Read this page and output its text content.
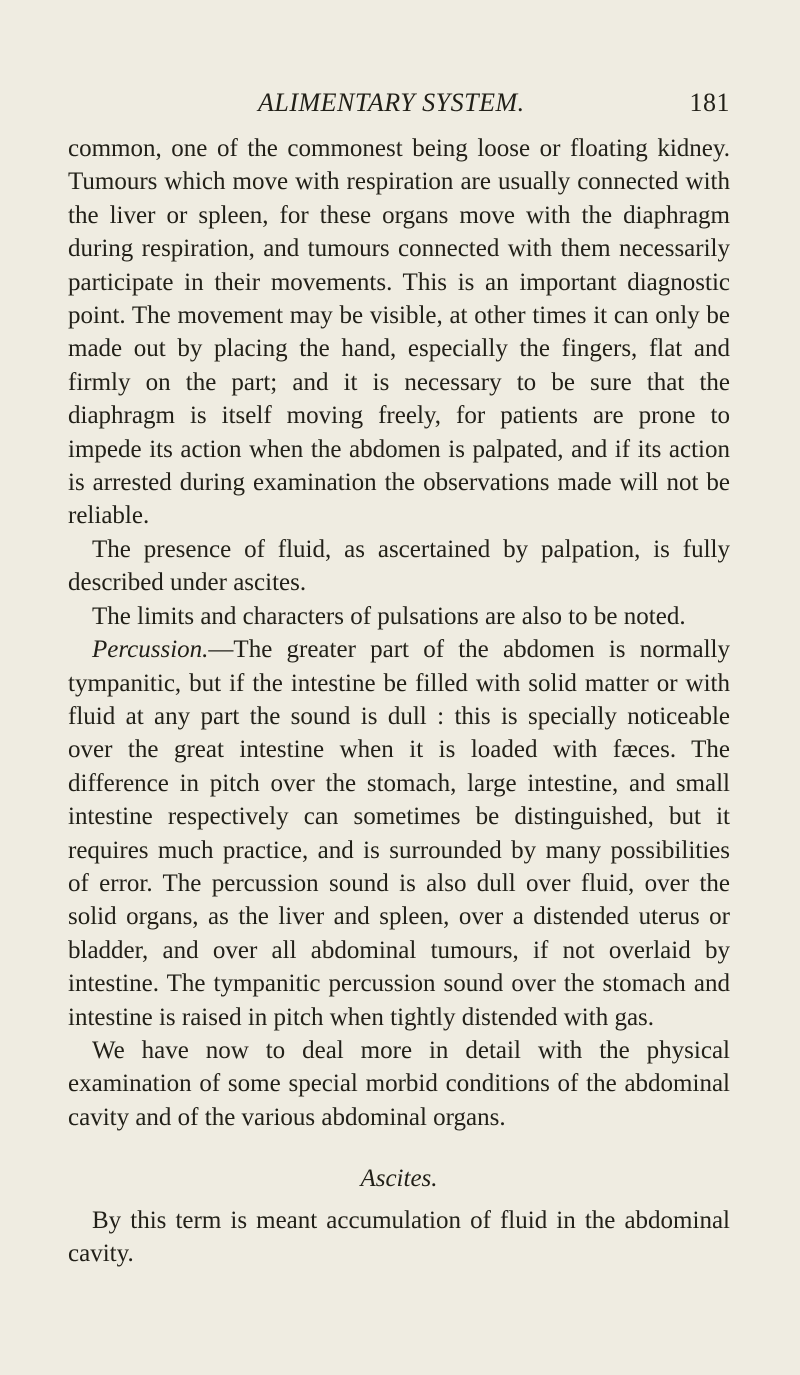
ALIMENTARY SYSTEM.	181

common, one of the commonest being loose or floating kidney. Tumours which move with respiration are usually connected with the liver or spleen, for these organs move with the diaphragm during respiration, and tumours connected with them necessarily participate in their movements. This is an important diagnostic point. The movement may be visible, at other times it can only be made out by placing the hand, especially the fingers, flat and firmly on the part; and it is necessary to be sure that the diaphragm is itself moving freely, for patients are prone to impede its action when the abdomen is palpated, and if its action is arrested during examination the observations made will not be reliable.

The presence of fluid, as ascertained by palpation, is fully described under ascites.

The limits and characters of pulsations are also to be noted.

Percussion.—The greater part of the abdomen is normally tympanitic, but if the intestine be filled with solid matter or with fluid at any part the sound is dull : this is specially noticeable over the great intestine when it is loaded with fæces. The difference in pitch over the stomach, large intestine, and small intestine respectively can sometimes be distinguished, but it requires much practice, and is surrounded by many possibilities of error. The percussion sound is also dull over fluid, over the solid organs, as the liver and spleen, over a distended uterus or bladder, and over all abdominal tumours, if not overlaid by intestine. The tympanitic percussion sound over the stomach and intestine is raised in pitch when tightly distended with gas.

We have now to deal more in detail with the physical examination of some special morbid conditions of the abdominal cavity and of the various abdominal organs.

Ascites.

By this term is meant accumulation of fluid in the abdominal cavity.
